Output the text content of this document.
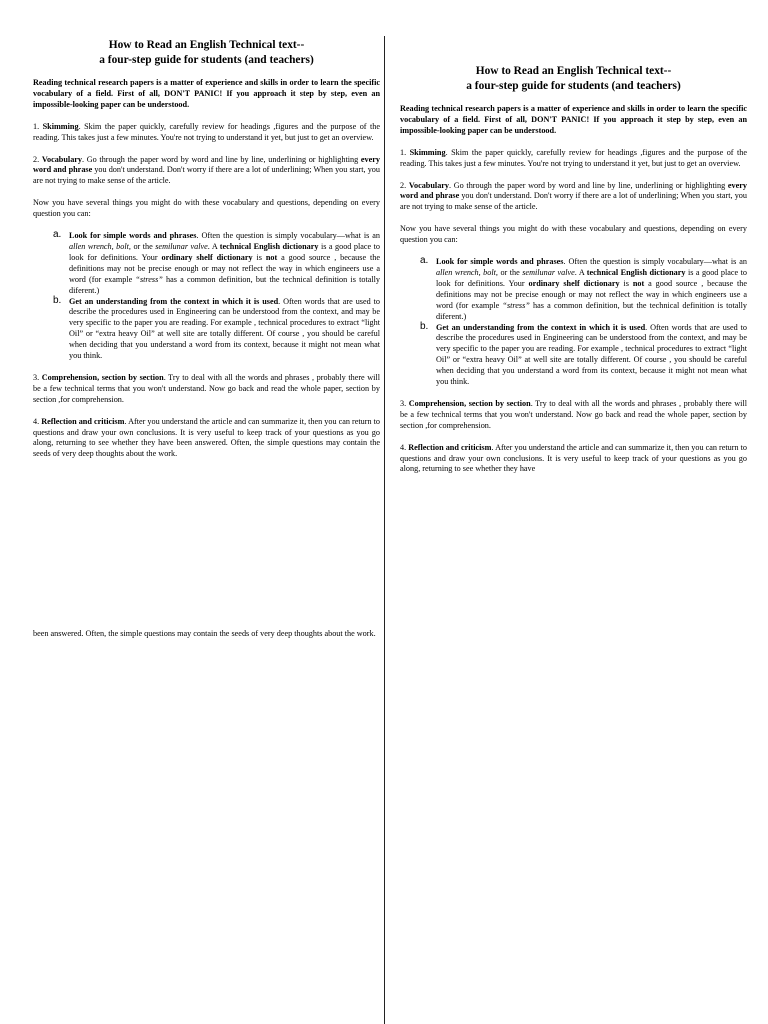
How to Read an English Technical text--
a four-step guide for students (and teachers)

Reading technical research papers is a matter of experience and skills in order to learn the specific vocabulary of a field. First of all, DON'T PANIC! If you approach it step by step, even an impossible-looking paper can be understood.

1. Skimming. Skim the paper quickly, carefully review for headings ,figures and the purpose of the reading. This takes just a few minutes. You're not trying to understand it yet, but just to get an overview.

2. Vocabulary. Go through the paper word by word and line by line, underlining or highlighting every word and phrase you don't understand. Don't worry if there are a lot of underlining; When you start, you are not trying to make sense of the article.

Now you have several things you might do with these vocabulary and questions, depending on every question you can:

a. Look for simple words and phrases. Often the question is simply vocabulary—what is an allen wrench, bolt, or the semilunar valve. A technical English dictionary is a good place to look for definitions. Your ordinary shelf dictionary is not a good source , because the definitions may not be precise enough or may not reflect the way in which engineers use a word (for example “stress” has a common definition, but the technical definition is totally diferent.)
b. Get an understanding from the context in which it is used. Often words that are used to describe the procedures used in Engineering can be understood from the context, and may be very specific to the paper you are reading. For example , technical procedures to extract “light Oil” or “extra heavy Oil” at well site are totally different. Of course , you should be careful when deciding that you understand a word from its context, because it might not mean what you think.

3. Comprehension, section by section. Try to deal with all the words and phrases , probably there will be a few technical terms that you won't understand. Now go back and read the whole paper, section by section ,for comprehension.

4. Reflection and criticism. After you understand the article and can summarize it, then you can return to questions and draw your own conclusions. It is very useful to keep track of your questions as you go along, returning to see whether they have been answered. Often, the simple questions may contain the seeds of very deep thoughts about the work.

How to Read an English Technical text--
a four-step guide for students (and teachers)

Reading technical research papers is a matter of experience and skills in order to learn the specific vocabulary of a field. First of all, DON'T PANIC! If you approach it step by step, even an impossible-looking paper can be understood.

1. Skimming. Skim the paper quickly, carefully review for headings ,figures and the purpose of the reading. This takes just a few minutes. You're not trying to understand it yet, but just to get an overview.

2. Vocabulary. Go through the paper word by word and line by line, underlining or highlighting every word and phrase you don't understand. Don't worry if there are a lot of underlining; When you start, you are not trying to make sense of the article.

Now you have several things you might do with these vocabulary and questions, depending on every question you can:

a. Look for simple words and phrases. Often the question is simply vocabulary—what is an allen wrench, bolt, or the semilunar valve. A technical English dictionary is a good place to look for definitions. Your ordinary shelf dictionary is not a good source , because the definitions may not be precise enough or may not reflect the way in which engineers use a word (for example “stress” has a common definition, but the technical definition is totally diferent.)
b. Get an understanding from the context in which it is used. Often words that are used to describe the procedures used in Engineering can be understood from the context, and may be very specific to the paper you are reading. For example , technical procedures to extract “light Oil” or “extra heavy Oil” at well site are totally different. Of course , you should be careful when deciding that you understand a word from its context, because it might not mean what you think.

3. Comprehension, section by section. Try to deal with all the words and phrases , probably there will be a few technical terms that you won't understand. Now go back and read the whole paper, section by section ,for comprehension.

4. Reflection and criticism. After you understand the article and can summarize it, then you can return to questions and draw your own conclusions. It is very useful to keep track of your questions as you go along, returning to see whether they have

been answered. Often, the simple questions may contain the seeds of very deep thoughts about the work.
